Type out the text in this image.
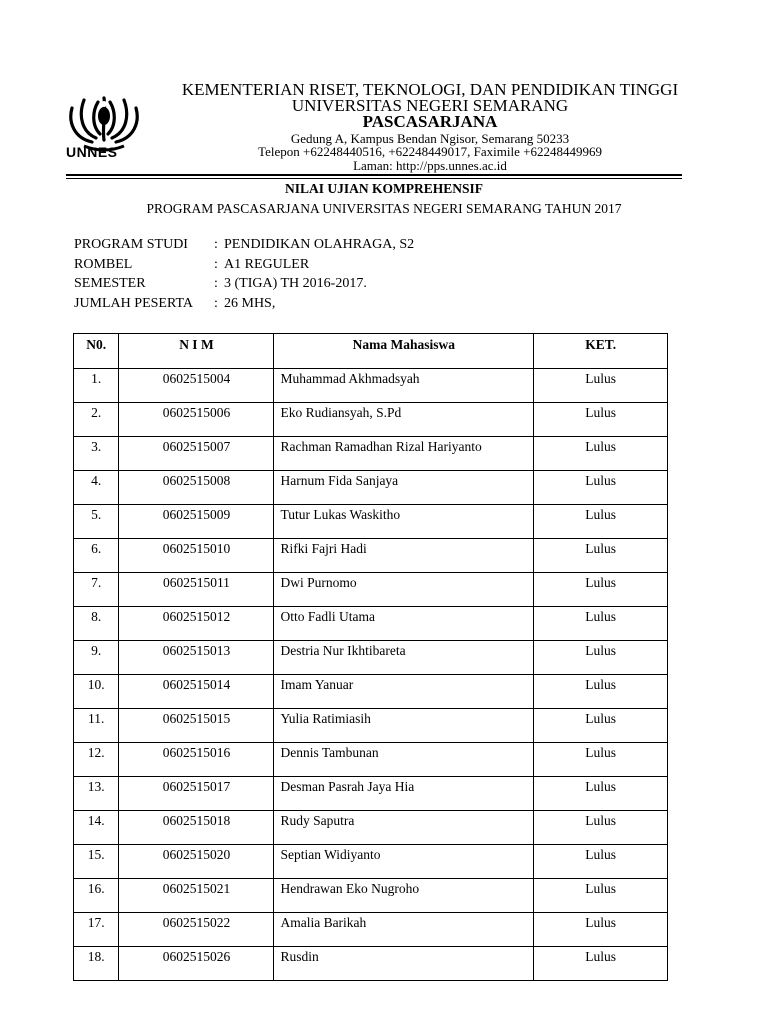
UNNES
KEMENTERIAN RISET, TEKNOLOGI, DAN PENDIDIKAN TINGGI
UNIVERSITAS NEGERI SEMARANG
PASCASARJANA
Gedung A, Kampus Bendan Ngisor, Semarang 50233
Telepon +62248440516, +62248449017, Faximile +62248449969
Laman: http://pps.unnes.ac.id
NILAI UJIAN KOMPREHENSIF
PROGRAM PASCASARJANA UNIVERSITAS NEGERI SEMARANG TAHUN 2017
PROGRAM STUDI : PENDIDIKAN OLAHRAGA, S2
ROMBEL	: A1 REGULER
SEMESTER	: 3 (TIGA) TH 2016-2017.
JUMLAH PESERTA : 26 MHS,
N0.	N I M	Nama Mahasiswa	KET.
1.	0602515004	Muhammad Akhmadsyah	Lulus
2.	0602515006	Eko Rudiansyah, S.Pd	Lulus
3.	0602515007	Rachman Ramadhan Rizal Hariyanto	Lulus
4.	0602515008	Harnum Fida Sanjaya	Lulus
5.	0602515009	Tutur Lukas Waskitho	Lulus
6.	0602515010	Rifki Fajri Hadi	Lulus
7.	0602515011	Dwi Purnomo	Lulus
8.	0602515012	Otto Fadli Utama	Lulus
9.	0602515013	Destria Nur Ikhtibareta	Lulus
10.	0602515014	Imam Yanuar	Lulus
11.	0602515015	Yulia Ratimiasih	Lulus
12.	0602515016	Dennis Tambunan	Lulus
13.	0602515017	Desman Pasrah Jaya Hia	Lulus
14.	0602515018	Rudy Saputra	Lulus
15.	0602515020	Septian Widiyanto	Lulus
16.	0602515021	Hendrawan Eko Nugroho	Lulus
17.	0602515022	Amalia Barikah	Lulus
18.	0602515026	Rusdin	Lulus
